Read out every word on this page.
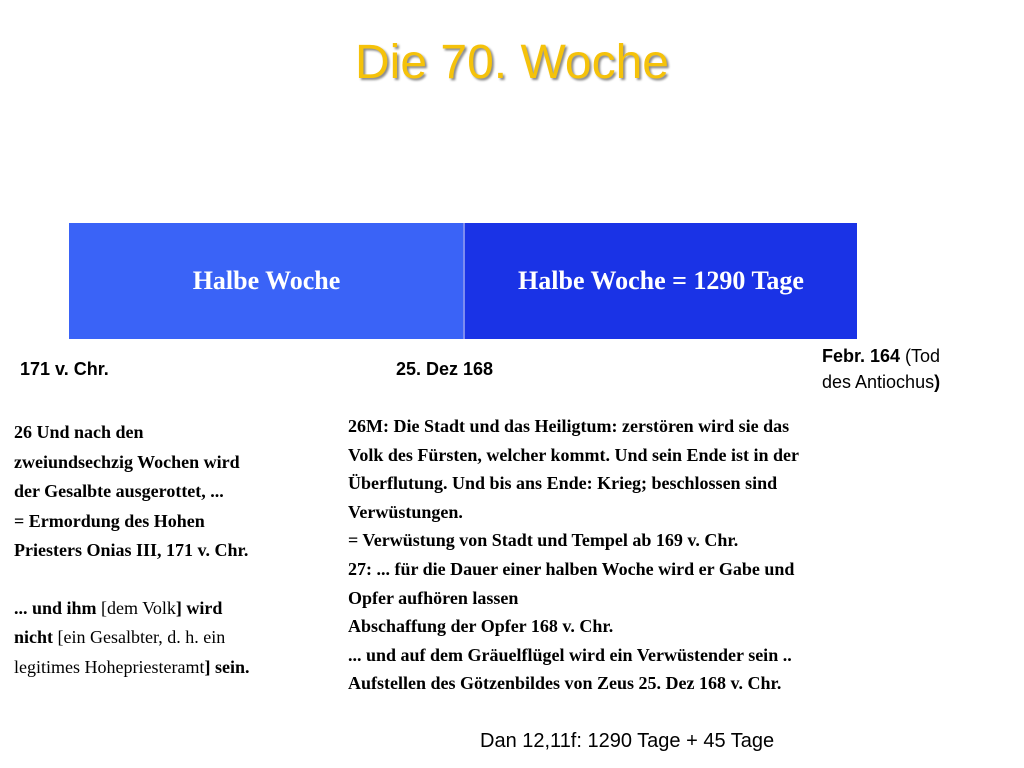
Die 70. Woche
Halbe Woche	Halbe Woche = 1290 Tage
171 v. Chr.	25. Dez 168
Febr. 164 (Tod
des Antiochus)

26 Und nach den

zweiundsechzig Wochen wird

der Gesalbte ausgerottet, ...

= Ermordung des Hohen

Priesters Onias III, 171 v. Chr.

... und ihm [dem Volk] wird

nicht [ein Gesalbter, d. h. ein

legitimes Hohepriesteramt] sein.

26M: Die Stadt und das Heiligtum: zerstören wird sie das

Volk des Fürsten, welcher kommt. Und sein Ende ist in der

Überflutung. Und bis ans Ende: Krieg; beschlossen sind

Verwüstungen.

= Verwüstung von Stadt und Tempel ab 169 v. Chr.

27: ... für die Dauer einer halben Woche wird er Gabe und

Opfer aufhören lassen

Abschaffung der Opfer 168 v. Chr.

... und auf dem Gräuelflügel wird ein Verwüstender sein ..

Aufstellen des Götzenbildes von Zeus 25. Dez 168 v. Chr.

Dan 12,11f: 1290 Tage + 45 Tage
